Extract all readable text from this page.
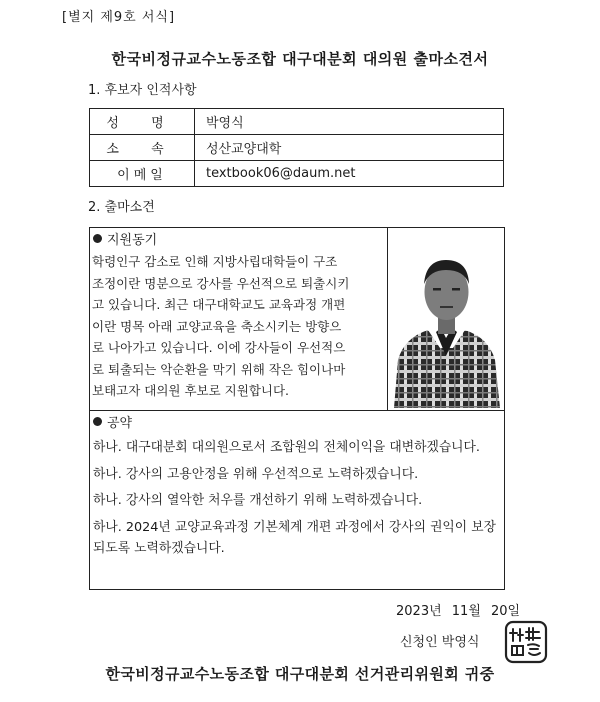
[별지 제9호 서식]
한국비정규교수노동조합 대구대분회 대의원 출마소견서
1. 후보자 인적사항
성 명	박영식
소 속	성산교양대학
이메일	textbook06@daum.net
2. 출마소견
지원동기
학령인구 감소로 인해 지방사립대학들이 구조
조정이란 명분으로 강사를 우선적으로 퇴출시키
고 있습니다. 최근 대구대학교도 교육과정 개편
이란 명목 아래 교양교육을 축소시키는 방향으
로 나아가고 있습니다. 이에 강사들이 우선적으
로 퇴출되는 악순환을 막기 위해 작은 힘이나마
보태고자 대의원 후보로 지원합니다.
공약
하나. 대구대분회 대의원으로서 조합원의 전체이익을 대변하겠습니다.
하나. 강사의 고용안정을 위해 우선적으로 노력하겠습니다.
하나. 강사의 열악한 처우를 개선하기 위해 노력하겠습니다.
하나. 2024년 교양교육과정 기본체계 개편 과정에서 강사의 권익이 보장되도록 노력하겠습니다.
2023년 11월 20일
신청인 박영식
한국비정규교수노동조합 대구대분회 선거관리위원회 귀중
